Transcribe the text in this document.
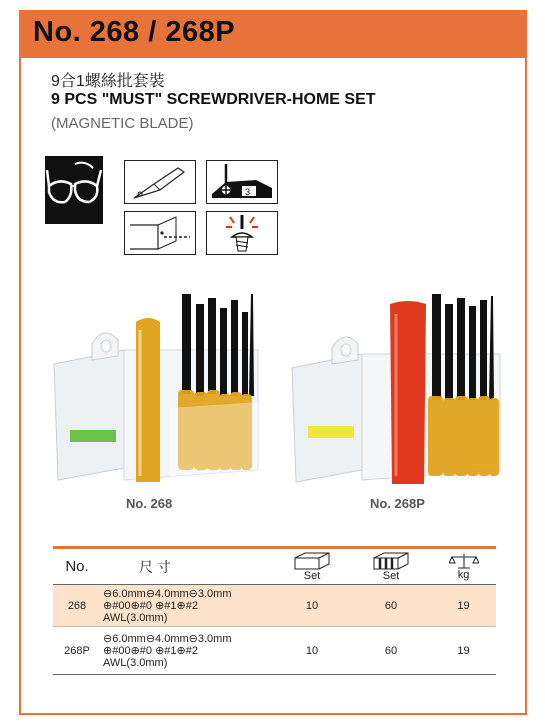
No. 268 / 268P
9合1螺絲批套裝
9 PCS "MUST" SCREWDRIVER-HOME SET
(MAGNETIC BLADE)
3
No. 268	No. 268P
No.	尺 寸	Set	Set	kg

268	⊖6.0mm⊖4.0mm⊖3.0mm
⊕#00⊕#0 ⊕#1⊕#2
AWL(3.0mm)	10	60	19
268P	⊖6.0mm⊖4.0mm⊖3.0mm
⊕#00⊕#0 ⊕#1⊕#2
AWL(3.0mm)	10	60	19
